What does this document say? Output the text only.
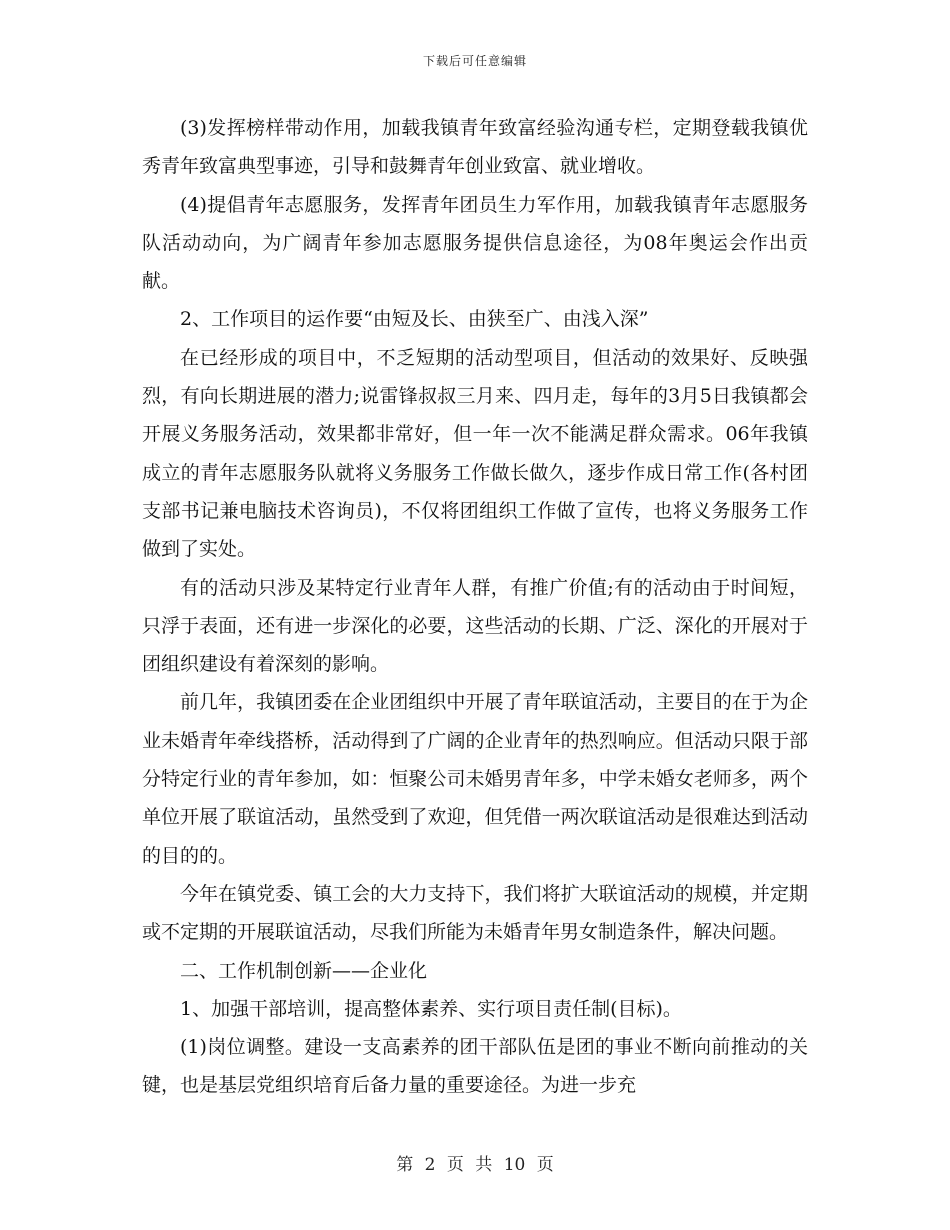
下载后可任意编辑

(3)发挥榜样带动作用，加载我镇青年致富经验沟通专栏，定期登载我镇优秀青年致富典型事迹，引导和鼓舞青年创业致富、就业增收。

(4)提倡青年志愿服务，发挥青年团员生力军作用，加载我镇青年志愿服务队活动动向，为广阔青年参加志愿服务提供信息途径，为08年奥运会作出贡献。

2、工作项目的运作要“由短及长、由狭至广、由浅入深”

在已经形成的项目中，不乏短期的活动型项目，但活动的效果好、反映强烈，有向长期进展的潜力;说雷锋叔叔三月来、四月走，每年的3月5日我镇都会开展义务服务活动，效果都非常好，但一年一次不能满足群众需求。06年我镇成立的青年志愿服务队就将义务服务工作做长做久，逐步作成日常工作(各村团支部书记兼电脑技术咨询员)，不仅将团组织工作做了宣传，也将义务服务工作做到了实处。

有的活动只涉及某特定行业青年人群，有推广价值;有的活动由于时间短，只浮于表面，还有进一步深化的必要，这些活动的长期、广泛、深化的开展对于团组织建设有着深刻的影响。

前几年，我镇团委在企业团组织中开展了青年联谊活动，主要目的在于为企业未婚青年牵线搭桥，活动得到了广阔的企业青年的热烈响应。但活动只限于部分特定行业的青年参加，如：恒聚公司未婚男青年多，中学未婚女老师多，两个单位开展了联谊活动，虽然受到了欢迎，但凭借一两次联谊活动是很难达到活动的目的的。

今年在镇党委、镇工会的大力支持下，我们将扩大联谊活动的规模，并定期或不定期的开展联谊活动，尽我们所能为未婚青年男女制造条件，解决问题。

二、工作机制创新——企业化

1、加强干部培训，提高整体素养、实行项目责任制(目标)。

(1)岗位调整。建设一支高素养的团干部队伍是团的事业不断向前推动的关键，也是基层党组织培育后备力量的重要途径。为进一步充

第 2 页 共 10 页
